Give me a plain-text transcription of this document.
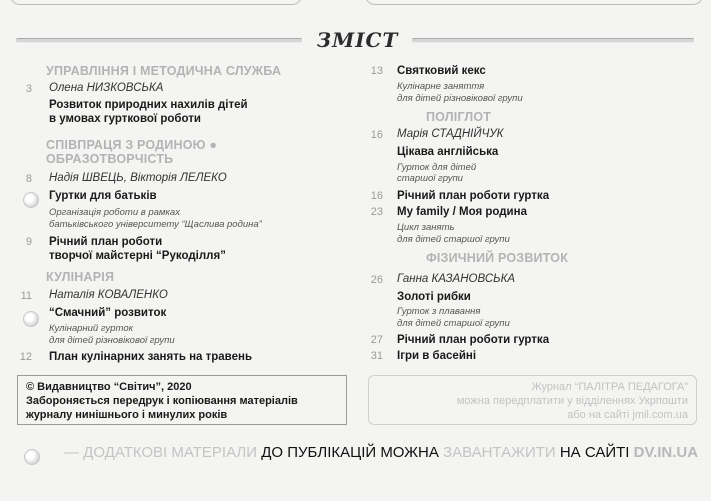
ЗМІСТ
УПРАВЛІННЯ І МЕТОДИЧНА СЛУЖБА
3 Олена НИЗКОВСЬКА
Розвиток природних нахилів дітей
в умовах гурткової роботи
СПІВПРАЦЯ З РОДИНОЮ ●
ОБРАЗОТВОРЧІСТЬ
8 Надія ШВЕЦЬ, Вікторія ЛЕЛЕКО
Гуртки для батьків
Організація роботи в рамках
батьківського університету “Щаслива родина”
9 Річний план роботи
творчої майстерні “Рукоділля”
КУЛІНАРІЯ
11 Наталія КОВАЛЕНКО
“Смачний” розвиток
Кулінарний гурток
для дітей різновікової групи
12 План кулінарних занять на травень
13 Святковий кекс
Кулінарне заняття
для дітей різновікової групи
ПОЛІГЛОТ
16 Марія СТАДНІЙЧУК
Цікава англійська
Гурток для дітей
старшої групи
16 Річний план роботи гуртка
23 My family / Моя родина
Цикл занять
для дітей старшої групи
ФІЗИЧНИЙ РОЗВИТОК
26 Ганна КАЗАНОВСЬКА
Золоті рибки
Гурток з плавання
для дітей старшої групи
27 Річний план роботи гуртка
31 Ігри в басейні
© Видавництво “Світич”, 2020
Забороняється передрук і копіювання матеріалів
журналу нинішнього і минулих років
Журнал “ПАЛІТРА ПЕДАГОГА”
можна передплатити у відділеннях Укрпошти
або на сайті jmil.com.ua
— ДОДАТКОВІ МАТЕРІАЛИ ДО ПУБЛІКАЦІЙ МОЖНА ЗАВАНТАЖИТИ НА САЙТІ DV.IN.UA
